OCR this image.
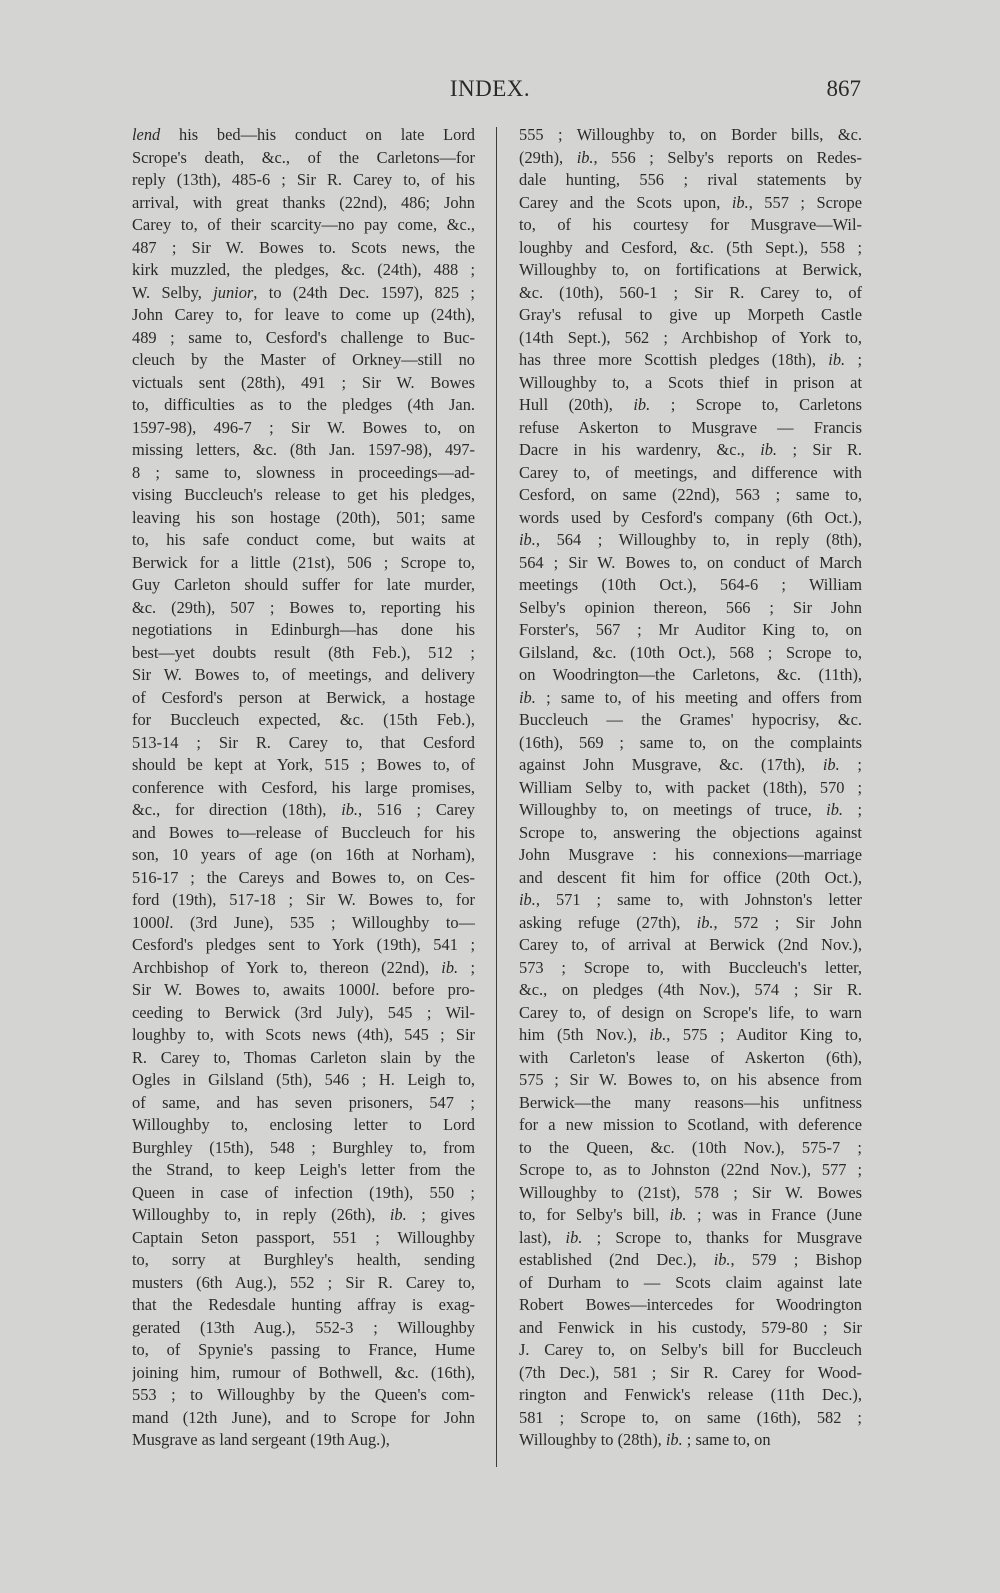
INDEX.	867
lend his bed—his conduct on late Lord
Scrope's death, &c., of the Carletons—for
reply (13th), 485-6 ; Sir R. Carey to, of his
arrival, with great thanks (22nd), 486; John
Carey to, of their scarcity—no pay come, &c.,
487 ; Sir W. Bowes to. Scots news, the
kirk muzzled, the pledges, &c. (24th), 488 ;
W. Selby, junior, to (24th Dec. 1597), 825 ;
John Carey to, for leave to come up (24th),
489 ; same to, Cesford's challenge to Buc-
cleuch by the Master of Orkney—still no
victuals sent (28th), 491 ; Sir W. Bowes
to, difficulties as to the pledges (4th Jan.
1597-98), 496-7 ; Sir W. Bowes to, on
missing letters, &c. (8th Jan. 1597-98), 497-
8 ; same to, slowness in proceedings—ad-
vising Buccleuch's release to get his pledges,
leaving his son hostage (20th), 501; same
to, his safe conduct come, but waits at
Berwick for a little (21st), 506 ; Scrope to,
Guy Carleton should suffer for late murder,
&c. (29th), 507 ; Bowes to, reporting his
negotiations in Edinburgh—has done his
best—yet doubts result (8th Feb.), 512 ;
Sir W. Bowes to, of meetings, and delivery
of Cesford's person at Berwick, a hostage
for Buccleuch expected, &c. (15th Feb.),
513-14 ; Sir R. Carey to, that Cesford
should be kept at York, 515 ; Bowes to, of
conference with Cesford, his large promises,
&c., for direction (18th), ib., 516 ; Carey
and Bowes to—release of Buccleuch for his
son, 10 years of age (on 16th at Norham),
516-17 ; the Careys and Bowes to, on Ces-
ford (19th), 517-18 ; Sir W. Bowes to, for
1000l. (3rd June), 535 ; Willoughby to—
Cesford's pledges sent to York (19th), 541 ;
Archbishop of York to, thereon (22nd), ib. ;
Sir W. Bowes to, awaits 1000l. before pro-
ceeding to Berwick (3rd July), 545 ; Wil-
loughby to, with Scots news (4th), 545 ; Sir
R. Carey to, Thomas Carleton slain by the
Ogles in Gilsland (5th), 546 ; H. Leigh to,
of same, and has seven prisoners, 547 ;
Willoughby to, enclosing letter to Lord
Burghley (15th), 548 ; Burghley to, from
the Strand, to keep Leigh's letter from the
Queen in case of infection (19th), 550 ;
Willoughby to, in reply (26th), ib. ; gives
Captain Seton passport, 551 ; Willoughby
to, sorry at Burghley's health, sending
musters (6th Aug.), 552 ; Sir R. Carey to,
that the Redesdale hunting affray is exag-
gerated (13th Aug.), 552-3 ; Willoughby
to, of Spynie's passing to France, Hume
joining him, rumour of Bothwell, &c. (16th),
553 ; to Willoughby by the Queen's com-
mand (12th June), and to Scrope for John
Musgrave as land sergeant (19th Aug.),
555 ; Willoughby to, on Border bills, &c.
(29th), ib., 556 ; Selby's reports on Redes-
dale hunting, 556 ; rival statements by
Carey and the Scots upon, ib., 557 ; Scrope
to, of his courtesy for Musgrave—Wil-
loughby and Cesford, &c. (5th Sept.), 558 ;
Willoughby to, on fortifications at Berwick,
&c. (10th), 560-1 ; Sir R. Carey to, of
Gray's refusal to give up Morpeth Castle
(14th Sept.), 562 ; Archbishop of York to,
has three more Scottish pledges (18th), ib. ;
Willoughby to, a Scots thief in prison at
Hull (20th), ib. ; Scrope to, Carletons
refuse Askerton to Musgrave — Francis
Dacre in his wardenry, &c., ib. ; Sir R.
Carey to, of meetings, and difference with
Cesford, on same (22nd), 563 ; same to,
words used by Cesford's company (6th Oct.),
ib., 564 ; Willoughby to, in reply (8th),
564 ; Sir W. Bowes to, on conduct of March
meetings (10th Oct.), 564-6 ; William
Selby's opinion thereon, 566 ; Sir John
Forster's, 567 ; Mr Auditor King to, on
Gilsland, &c. (10th Oct.), 568 ; Scrope to,
on Woodrington—the Carletons, &c. (11th),
ib. ; same to, of his meeting and offers from
Buccleuch — the Grames' hypocrisy, &c.
(16th), 569 ; same to, on the complaints
against John Musgrave, &c. (17th), ib. ;
William Selby to, with packet (18th), 570 ;
Willoughby to, on meetings of truce, ib. ;
Scrope to, answering the objections against
John Musgrave : his connexions—marriage
and descent fit him for office (20th Oct.),
ib., 571 ; same to, with Johnston's letter
asking refuge (27th), ib., 572 ; Sir John
Carey to, of arrival at Berwick (2nd Nov.),
573 ; Scrope to, with Buccleuch's letter,
&c., on pledges (4th Nov.), 574 ; Sir R.
Carey to, of design on Scrope's life, to warn
him (5th Nov.), ib., 575 ; Auditor King to,
with Carleton's lease of Askerton (6th),
575 ; Sir W. Bowes to, on his absence from
Berwick—the many reasons—his unfitness
for a new mission to Scotland, with deference
to the Queen, &c. (10th Nov.), 575-7 ;
Scrope to, as to Johnston (22nd Nov.), 577 ;
Willoughby to (21st), 578 ; Sir W. Bowes
to, for Selby's bill, ib. ; was in France (June
last), ib. ; Scrope to, thanks for Musgrave
established (2nd Dec.), ib., 579 ; Bishop
of Durham to — Scots claim against late
Robert Bowes—intercedes for Woodrington
and Fenwick in his custody, 579-80 ; Sir
J. Carey to, on Selby's bill for Buccleuch
(7th Dec.), 581 ; Sir R. Carey for Wood-
rington and Fenwick's release (11th Dec.),
581 ; Scrope to, on same (16th), 582 ;
Willoughby to (28th), ib. ; same to, on
